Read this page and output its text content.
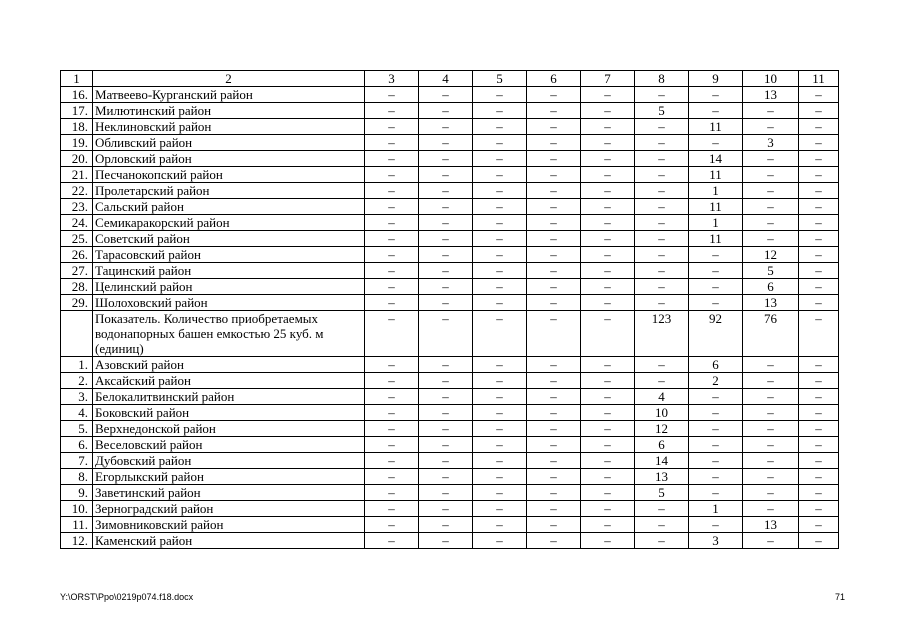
1	2	3	4	5	6	7	8	9	10	11
16.	Матвеево-Курганский район	–	–	–	–	–	–	–	13	–
17.	Милютинский район	–	–	–	–	–	5	–	–	–
18.	Неклиновский район	–	–	–	–	–	–	11	–	–
19.	Обливский район	–	–	–	–	–	–	–	3	–
20.	Орловский район	–	–	–	–	–	–	14	–	–
21.	Песчанокопский район	–	–	–	–	–	–	11	–	–
22.	Пролетарский район	–	–	–	–	–	–	1	–	–
23.	Сальский район	–	–	–	–	–	–	11	–	–
24.	Семикаракорский район	–	–	–	–	–	–	1	–	–
25.	Советский район	–	–	–	–	–	–	11	–	–
26.	Тарасовский район	–	–	–	–	–	–	–	12	–
27.	Тацинский район	–	–	–	–	–	–	–	5	–
28.	Целинский район	–	–	–	–	–	–	–	6	–
29.	Шолоховский район	–	–	–	–	–	–	–	13	–
	Показатель. Количество приобретаемых водонапорных башен емкостью 25 куб. м (единиц)	–	–	–	–	–	123	92	76	–
1.	Азовский район	–	–	–	–	–	–	6	–	–
2.	Аксайский район	–	–	–	–	–	–	2	–	–
3.	Белокалитвинский район	–	–	–	–	–	4	–	–	–
4.	Боковский район	–	–	–	–	–	10	–	–	–
5.	Верхнедонской район	–	–	–	–	–	12	–	–	–
6.	Веселовский район	–	–	–	–	–	6	–	–	–
7.	Дубовский район	–	–	–	–	–	14	–	–	–
8.	Егорлыкский район	–	–	–	–	–	13	–	–	–
9.	Заветинский район	–	–	–	–	–	5	–	–	–
10.	Зерноградский район	–	–	–	–	–	–	1	–	–
11.	Зимовниковский район	–	–	–	–	–	–	–	13	–
12.	Каменский район	–	–	–	–	–	–	3	–	–
Y:\ORST\Ppo\0219p074.f18.docx	71
